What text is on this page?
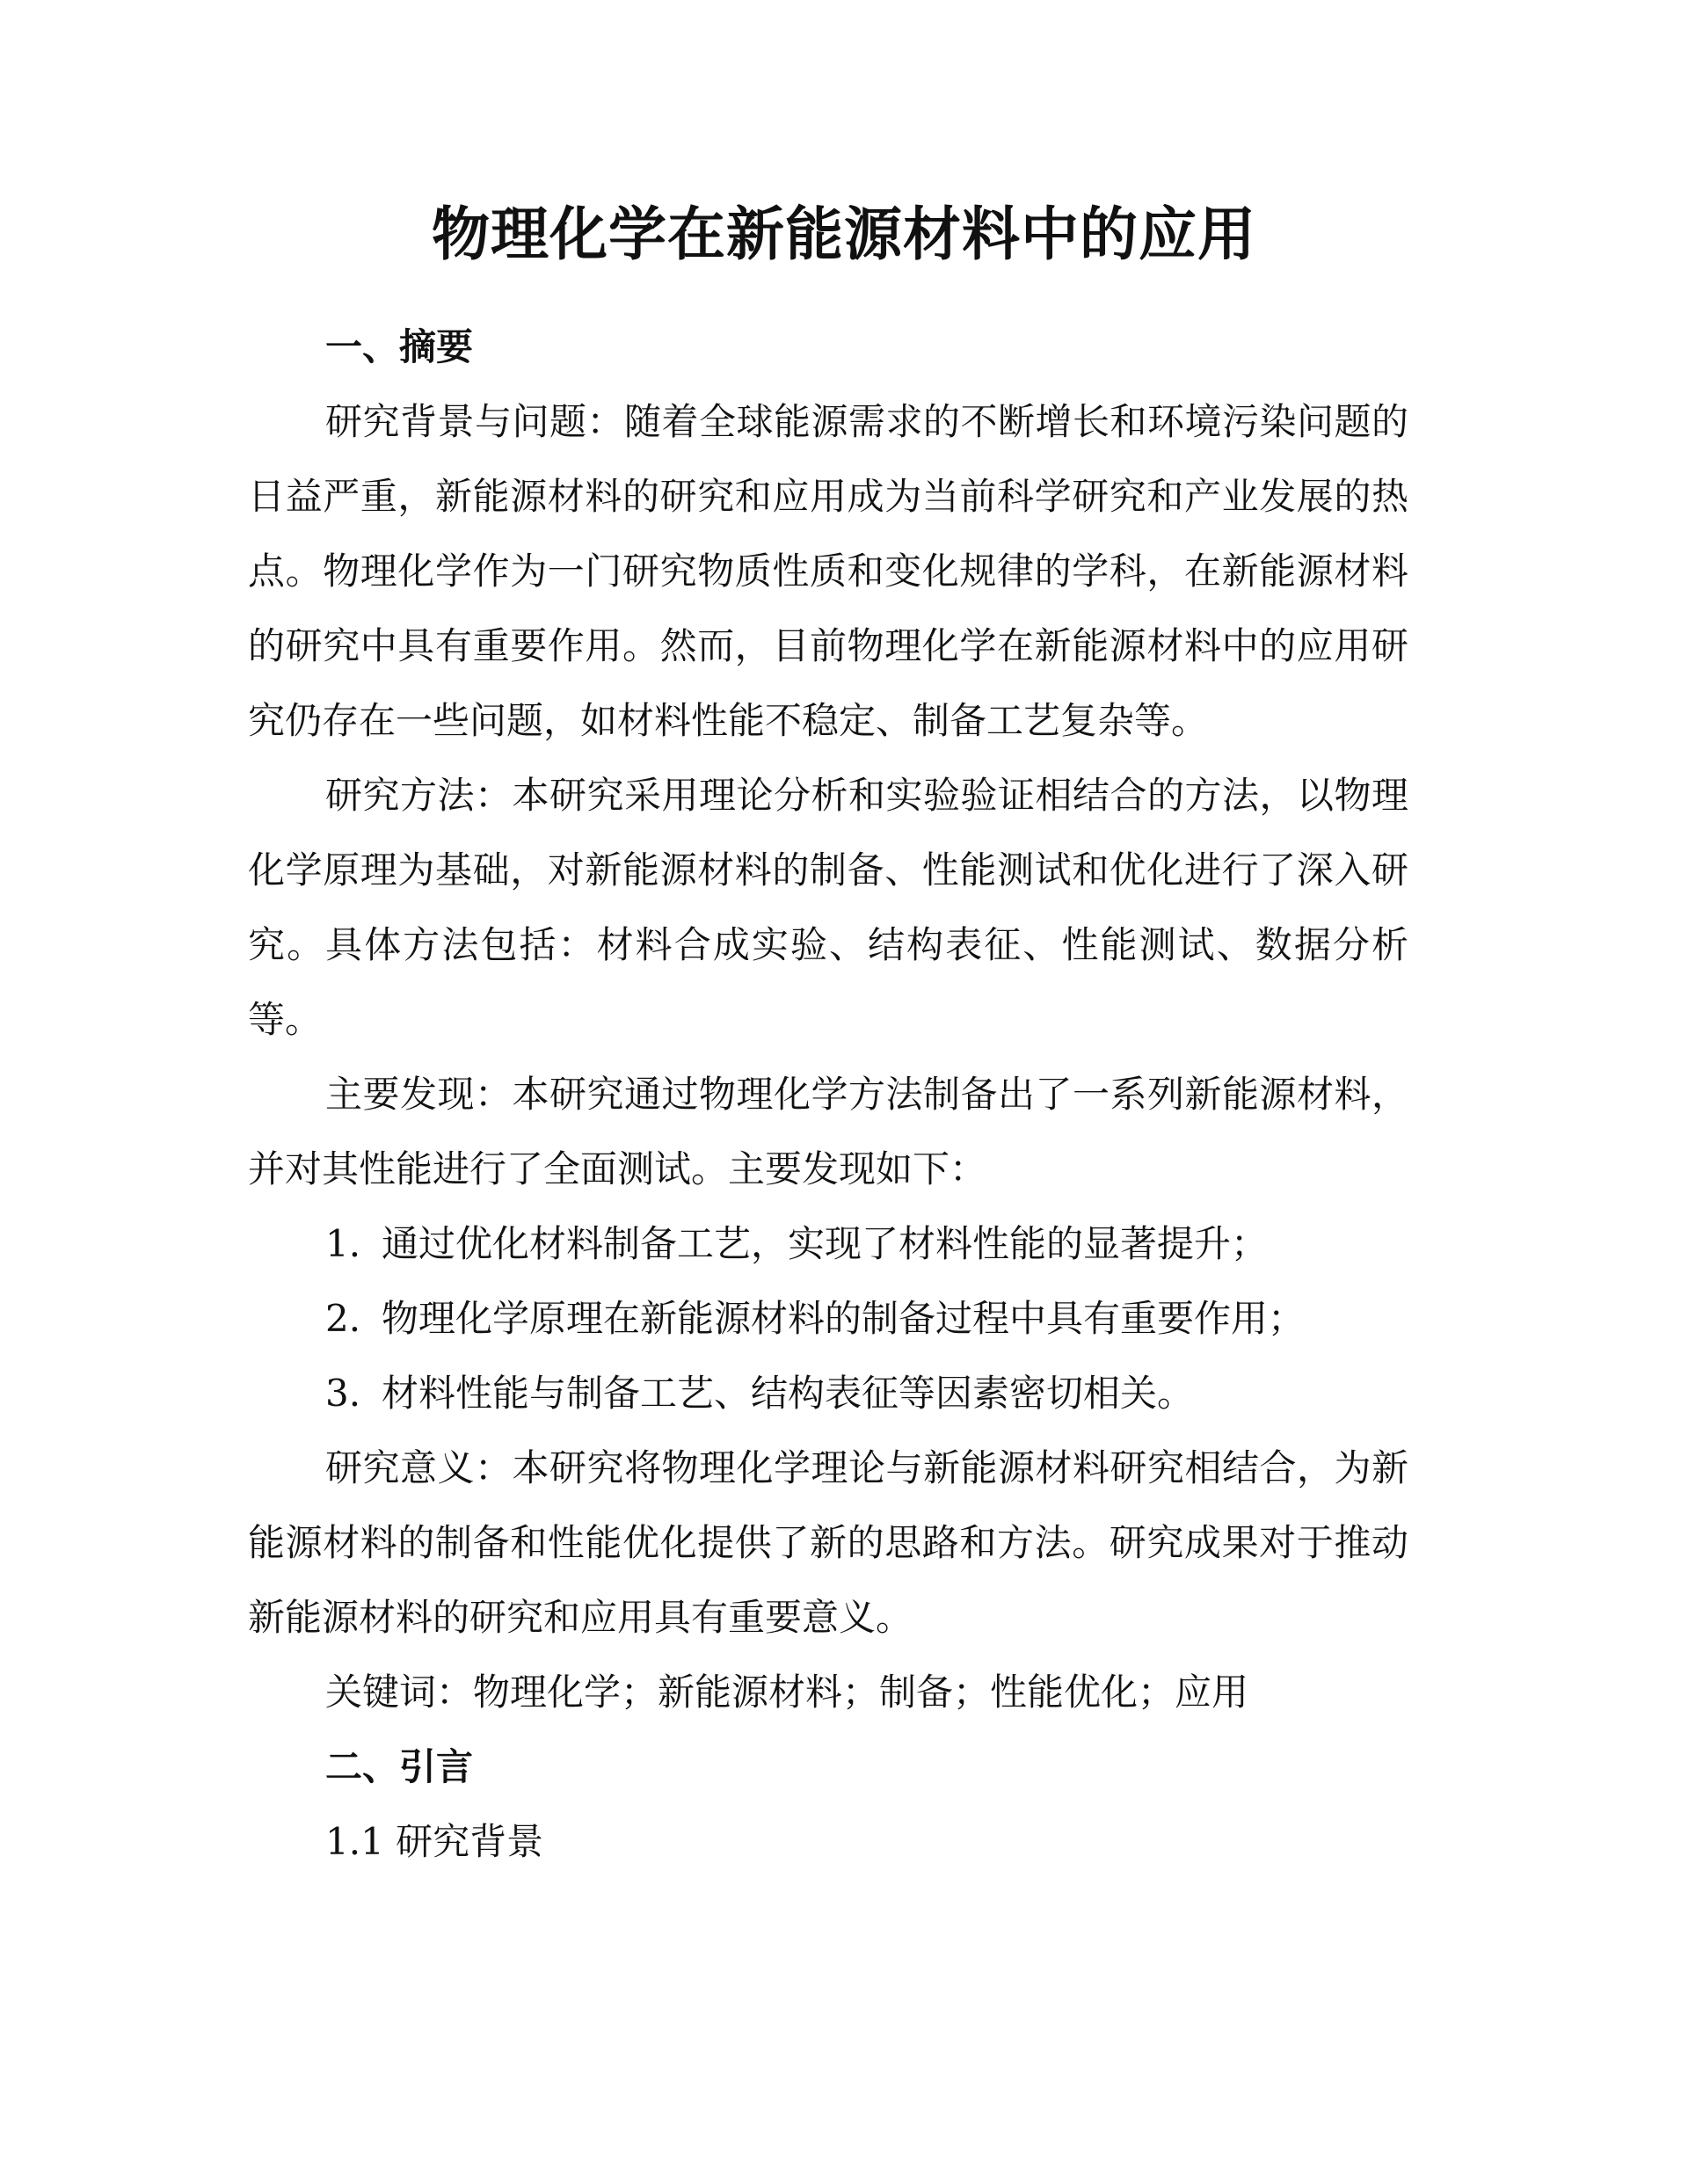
物理化学在新能源材料中的应用
一、摘要

研究背景与问题：随着全球能源需求的不断增长和环境污染问题的日益严重，新能源材料的研究和应用成为当前科学研究和产业发展的热点。物理化学作为一门研究物质性质和变化规律的学科，在新能源材料的研究中具有重要作用。然而，目前物理化学在新能源材料中的应用研究仍存在一些问题，如材料性能不稳定、制备工艺复杂等。

研究方法：本研究采用理论分析和实验验证相结合的方法，以物理化学原理为基础，对新能源材料的制备、性能测试和优化进行了深入研究。具体方法包括：材料合成实验、结构表征、性能测试、数据分析等。

主要发现：本研究通过物理化学方法制备出了一系列新能源材料，并对其性能进行了全面测试。主要发现如下：

1. 通过优化材料制备工艺，实现了材料性能的显著提升；
2. 物理化学原理在新能源材料的制备过程中具有重要作用；
3. 材料性能与制备工艺、结构表征等因素密切相关。

研究意义：本研究将物理化学理论与新能源材料研究相结合，为新能源材料的制备和性能优化提供了新的思路和方法。研究成果对于推动新能源材料的研究和应用具有重要意义。

关键词：物理化学；新能源材料；制备；性能优化；应用

二、引言

1.1 研究背景
